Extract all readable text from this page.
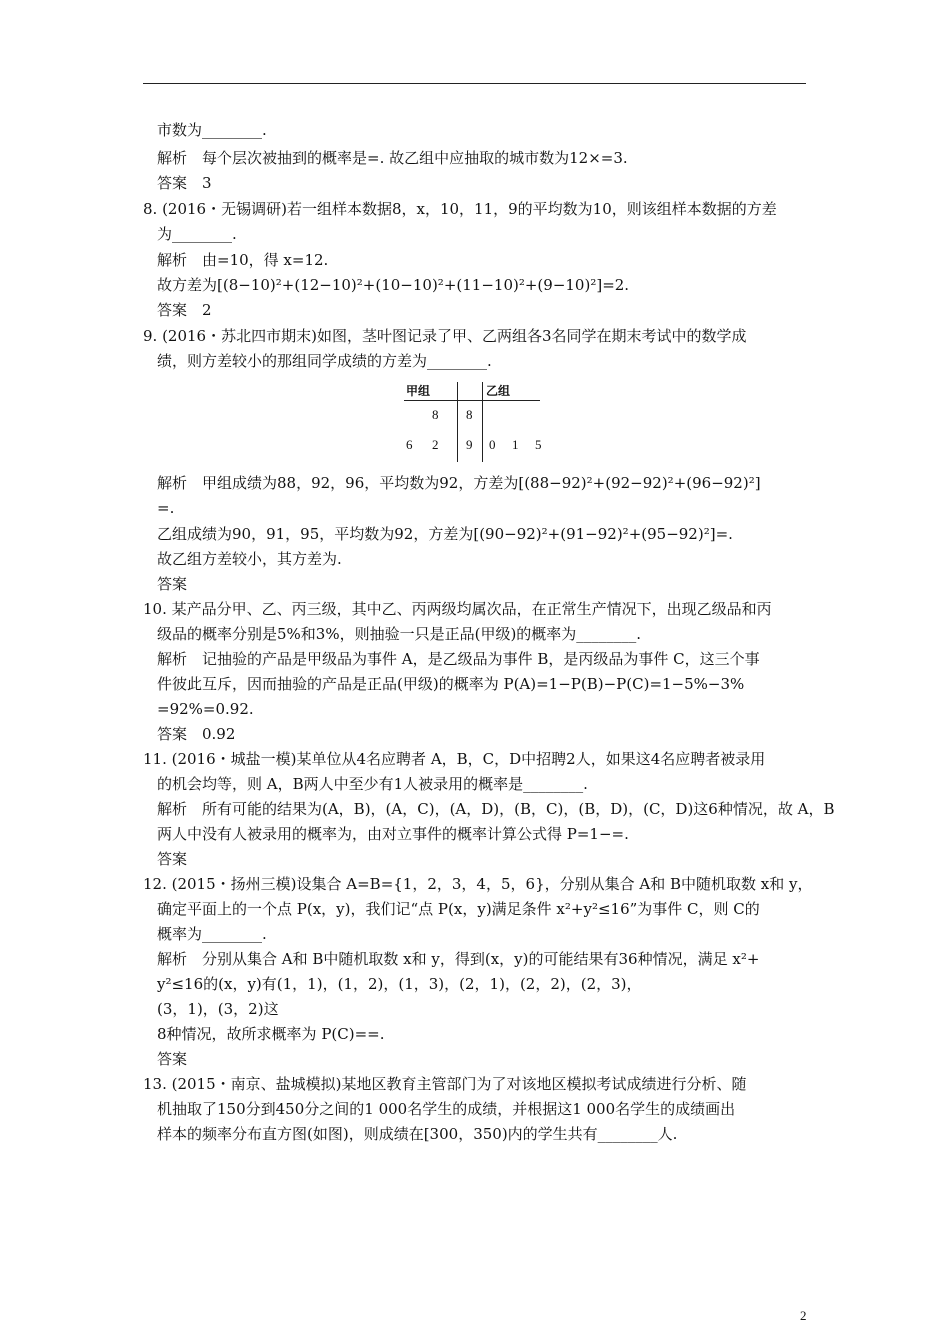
市数为________.
解析　每个层次被抽到的概率是=. 故乙组中应抽取的城市数为12×=3.
答案　3
8. (2016・无锡调研)若一组样本数据8，x，10，11，9的平均数为10，则该组样本数据的方差
为________.
解析　由=10，得 x=12.
故方差为[(8−10)²+(12−10)²+(10−10)²+(11−10)²+(9−10)²]=2.
答案　2
9. (2016・苏北四市期末)如图，茎叶图记录了甲、乙两组各3名同学在期末考试中的数学成
绩，则方差较小的那组同学成绩的方差为________.
甲组	乙组
8 8
6 2 9 0 1 5
解析　甲组成绩为88，92，96，平均数为92，方差为[(88−92)²+(92−92)²+(96−92)²]
=.
乙组成绩为90，91，95，平均数为92，方差为[(90−92)²+(91−92)²+(95−92)²]=.
故乙组方差较小，其方差为.
答案
10. 某产品分甲、乙、丙三级，其中乙、丙两级均属次品，在正常生产情况下，出现乙级品和丙
级品的概率分别是5%和3%，则抽验一只是正品(甲级)的概率为________.
解析　记抽验的产品是甲级品为事件 A，是乙级品为事件 B，是丙级品为事件 C，这三个事
件彼此互斥，因而抽验的产品是正品(甲级)的概率为 P(A)=1−P(B)−P(C)=1−5%−3%
=92%=0.92.
答案　0.92
11. (2016・城盐一模)某单位从4名应聘者 A，B，C，D中招聘2人，如果这4名应聘者被录用
的机会均等，则 A，B两人中至少有1人被录用的概率是________.
解析　所有可能的结果为(A，B)，(A，C)，(A，D)，(B，C)，(B，D)，(C，D)这6种情况，故 A，B
两人中没有人被录用的概率为，由对立事件的概率计算公式得 P=1−=.
答案
12. (2015・扬州三模)设集合 A=B={1，2，3，4，5，6}，分别从集合 A和 B中随机取数 x和 y，
确定平面上的一个点 P(x，y)，我们记“点 P(x，y)满足条件 x²+y²≤16”为事件 C，则 C的
概率为________.
解析　分别从集合 A和 B中随机取数 x和 y，得到(x，y)的可能结果有36种情况，满足 x²+
y²≤16的(x，y)有(1，1)，(1，2)，(1，3)，(2，1)，(2，2)，(2，3)，
(3，1)，(3，2)这
8种情况，故所求概率为 P(C)==.
答案
13. (2015・南京、盐城模拟)某地区教育主管部门为了对该地区模拟考试成绩进行分析、随
机抽取了150分到450分之间的1 000名学生的成绩，并根据这1 000名学生的成绩画出
样本的频率分布直方图(如图)，则成绩在[300，350)内的学生共有________人.
2
